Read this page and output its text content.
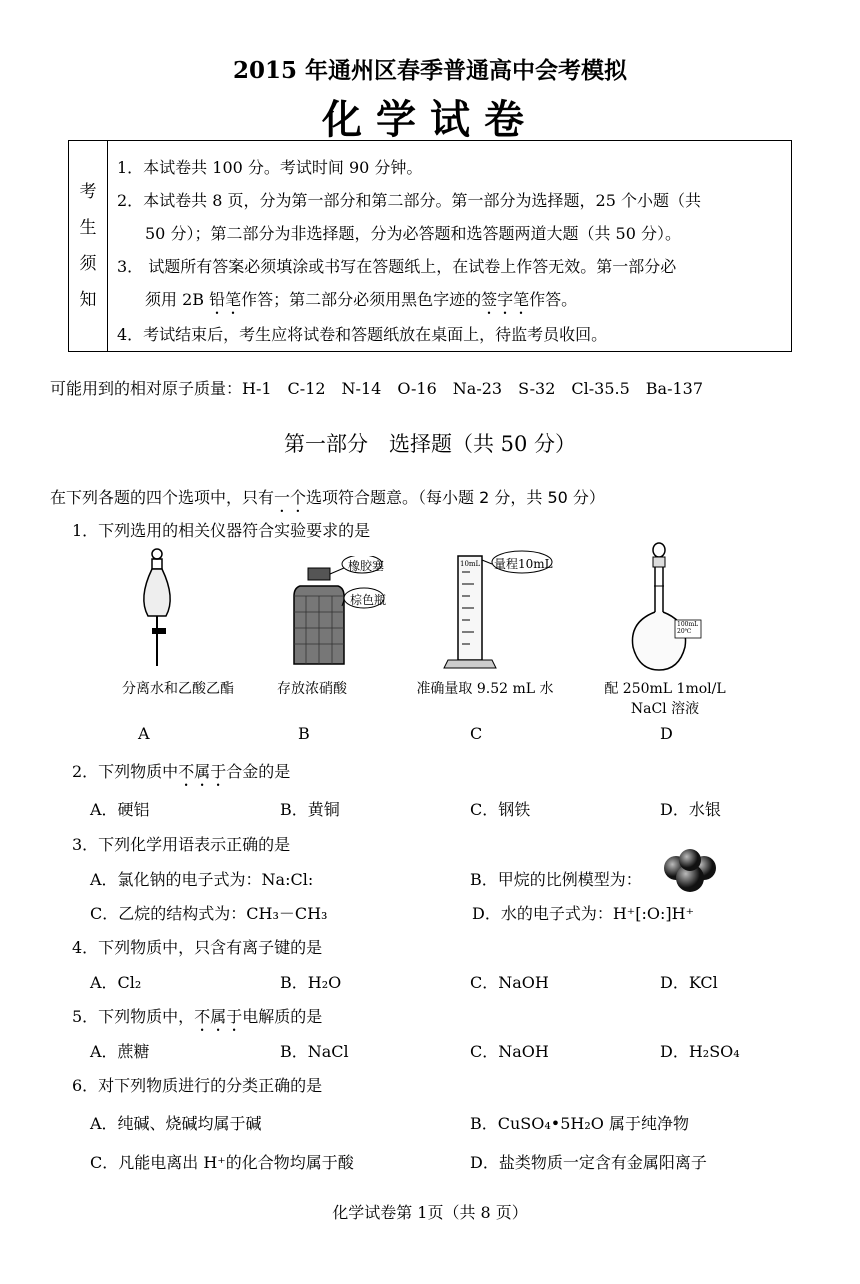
2015 年通州区春季普通高中会考模拟
化学试卷
考
生
须
知
1．本试卷共 100 分。考试时间 90 分钟。
2．本试卷共 8 页，分为第一部分和第二部分。第一部分为选择题，25 个小题（共
50 分）；第二部分为非选择题，分为必答题和选答题两道大题（共 50 分）。
3． 试题所有答案必须填涂或书写在答题纸上，在试卷上作答无效。第一部分必
须用 2B 铅笔作答；第二部分必须用黑色字迹的签字笔作答。
4．考试结束后，考生应将试卷和答题纸放在桌面上，待监考员收回。
可能用到的相对原子质量：H-1　C-12　N-14　O-16　Na-23　S-32　Cl-35.5　Ba-137
第一部分　选择题（共 50 分）
在下列各题的四个选项中，只有一个选项符合题意。（每小题 2 分，共 50 分）
1．下列选用的相关仪器符合实验要求的是
橡胶塞
棕色瓶
量程10mL
10mL
100mL
20℃
分离水和乙酸乙酯	存放浓硝酸	准确量取 9.52 mL 水	配 250mL 1mol/L
NaCl 溶液
A	B	C	D
2．下列物质中不属于合金的是
A．硬铝	B．黄铜	C．钢铁	D．水银
3．下列化学用语表示正确的是
A．氯化钠的电子式为：Na:Cl:	B．甲烷的比例模型为：
C．乙烷的结构式为：CH₃－CH₃	D．水的电子式为：H⁺[:O:]H⁺
4．下列物质中，只含有离子键的是
A．Cl₂	B．H₂O	C．NaOH	D．KCl
5．下列物质中，不属于电解质的是
A．蔗糖	B．NaCl	C．NaOH	D．H₂SO₄
6．对下列物质进行的分类正确的是
A．纯碱、烧碱均属于碱	B．CuSO₄•5H₂O 属于纯净物
C．凡能电离出 H⁺的化合物均属于酸	D．盐类物质一定含有金属阳离子
化学试卷第 1页（共 8 页）
